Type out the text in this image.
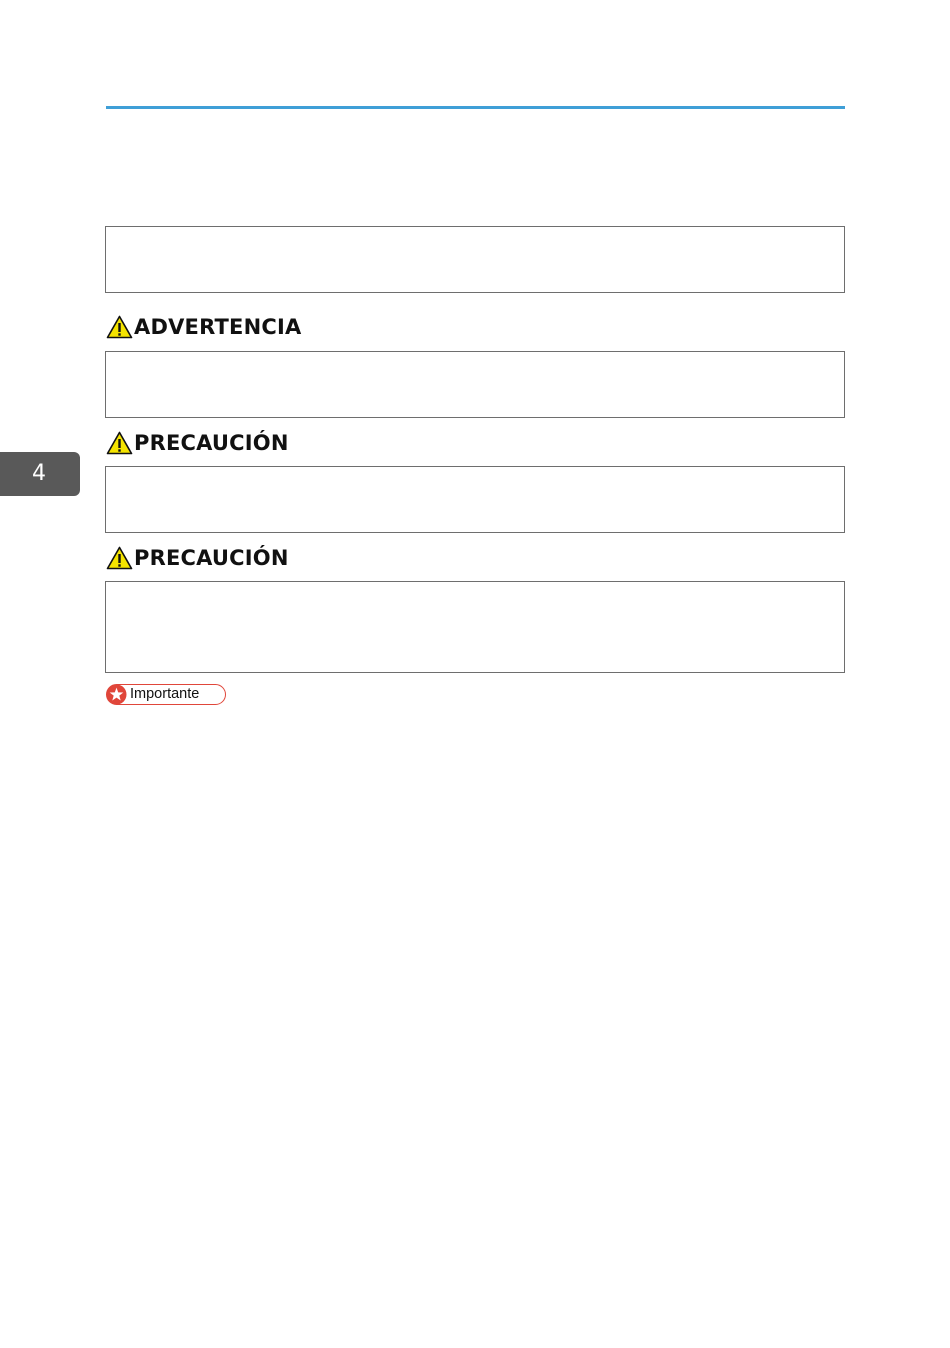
ADVERTENCIA
PRECAUCIÓN
PRECAUCIÓN
Importante
4
